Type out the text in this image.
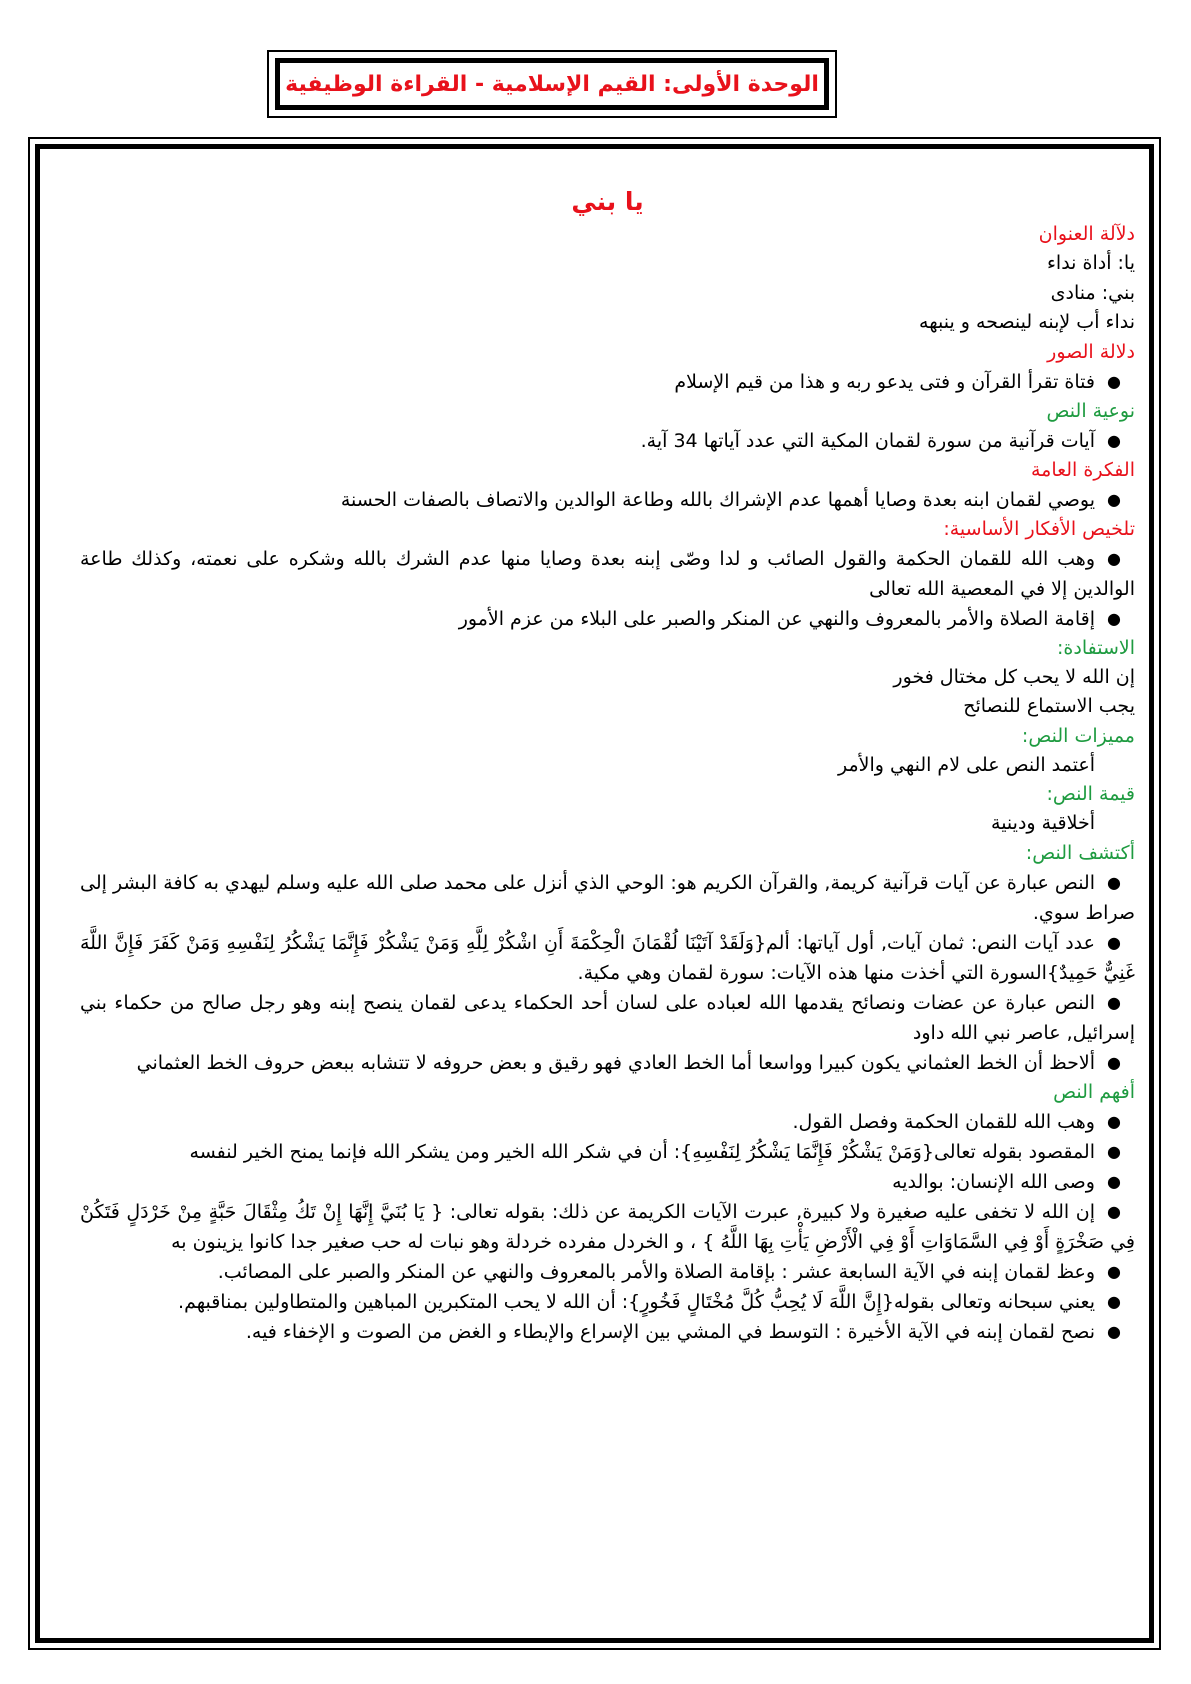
الوحدة الأولى: القيم الإسلامية - القراءة الوظيفية
يا بني
دلآلة العنوان
يا: أداة نداء
بني: منادى
نداء أب لإبنه لينصحه و ينبهه
دلالة الصور
●
فتاة تقرأ القرآن و فتى يدعو ربه و هذا من قيم الإسلام
نوعية النص
●
آيات قرآنية من سورة لقمان المكية التي عدد آياتها 34 آية.
الفكرة العامة
●
يوصي لقمان ابنه بعدة وصايا أهمها عدم الإشراك بالله وطاعة الوالدين والاتصاف بالصفات الحسنة
تلخيص الأفكار الأساسية:
●
وهب الله للقمان الحكمة والقول الصائب و لدا وصّى إبنه بعدة وصايا منها عدم الشرك بالله وشكره على نعمته، وكذلك طاعة الوالدين إلا في المعصية الله تعالى
●
إقامة الصلاة والأمر بالمعروف والنهي عن المنكر والصبر على البلاء من عزم الأمور
الاستفادة:
إن الله لا يحب كل مختال فخور
يجب الاستماع للنصائح
مميزات النص:
أعتمد النص على لام النهي والأمر
قيمة النص:
أخلاقية ودينية
أكتشف النص:
●
النص عبارة عن آيات قرآنية كريمة, والقرآن الكريم هو: الوحي الذي أنزل على محمد صلى الله عليه وسلم ليهدي به كافة البشر إلى صراط سوي.
●
عدد آيات النص: ثمان آيات, أول آياتها: ألم{وَلَقَدْ آتَيْنَا لُقْمَانَ الْحِكْمَةَ أَنِ اشْكُرْ لِلَّهِ وَمَنْ يَشْكُرْ فَإِنَّمَا يَشْكُرُ لِنَفْسِهِ وَمَنْ كَفَرَ فَإِنَّ اللَّهَ غَنِيٌّ حَمِيدٌ}السورة التي أخذت منها هذه الآيات: سورة لقمان وهي مكية.
●
النص عبارة عن عضات ونصائح يقدمها الله لعباده على لسان أحد الحكماء يدعى لقمان ينصح إبنه وهو رجل صالح من حكماء بني إسرائيل, عاصر نبي الله داود
●
ألاحظ أن الخط العثماني يكون كبيرا وواسعا أما الخط العادي فهو رقيق و بعض حروفه لا تتشابه ببعض حروف الخط العثماني
أفهم النص
●
وهب الله للقمان الحكمة وفصل القول.
●
المقصود بقوله تعالى{وَمَنْ يَشْكُرْ فَإِنَّمَا يَشْكُرُ لِنَفْسِهِ}: أن في شكر الله الخير ومن يشكر الله فإنما يمنح الخير لنفسه
●
وصى الله الإنسان: بوالديه
●
إن الله لا تخفى عليه صغيرة ولا كبيرة, عبرت الآيات الكريمة عن ذلك: بقوله تعالى: { يَا بُنَيَّ إِنَّهَا إِنْ تَكُ مِثْقَالَ حَبَّةٍ مِنْ خَرْدَلٍ فَتَكُنْ فِي صَخْرَةٍ أَوْ فِي السَّمَاوَاتِ أَوْ فِي الْأَرْضِ يَأْتِ بِهَا اللَّهُ } ، و الخردل مفرده خردلة وهو نبات له حب صغير جدا كانوا يزينون به
●
وعظ لقمان إبنه في الآية السابعة عشر : بإقامة الصلاة والأمر بالمعروف والنهي عن المنكر والصبر على المصائب.
●
يعني سبحانه وتعالى بقوله{إِنَّ اللَّهَ لَا يُحِبُّ كُلَّ مُخْتَالٍ فَخُورٍ}: أن الله لا يحب المتكبرين المباهين والمتطاولين بمناقبهم.
●
نصح لقمان إبنه في الآية الأخيرة : التوسط في المشي بين الإسراع والإبطاء و الغض من الصوت و الإخفاء فيه.
